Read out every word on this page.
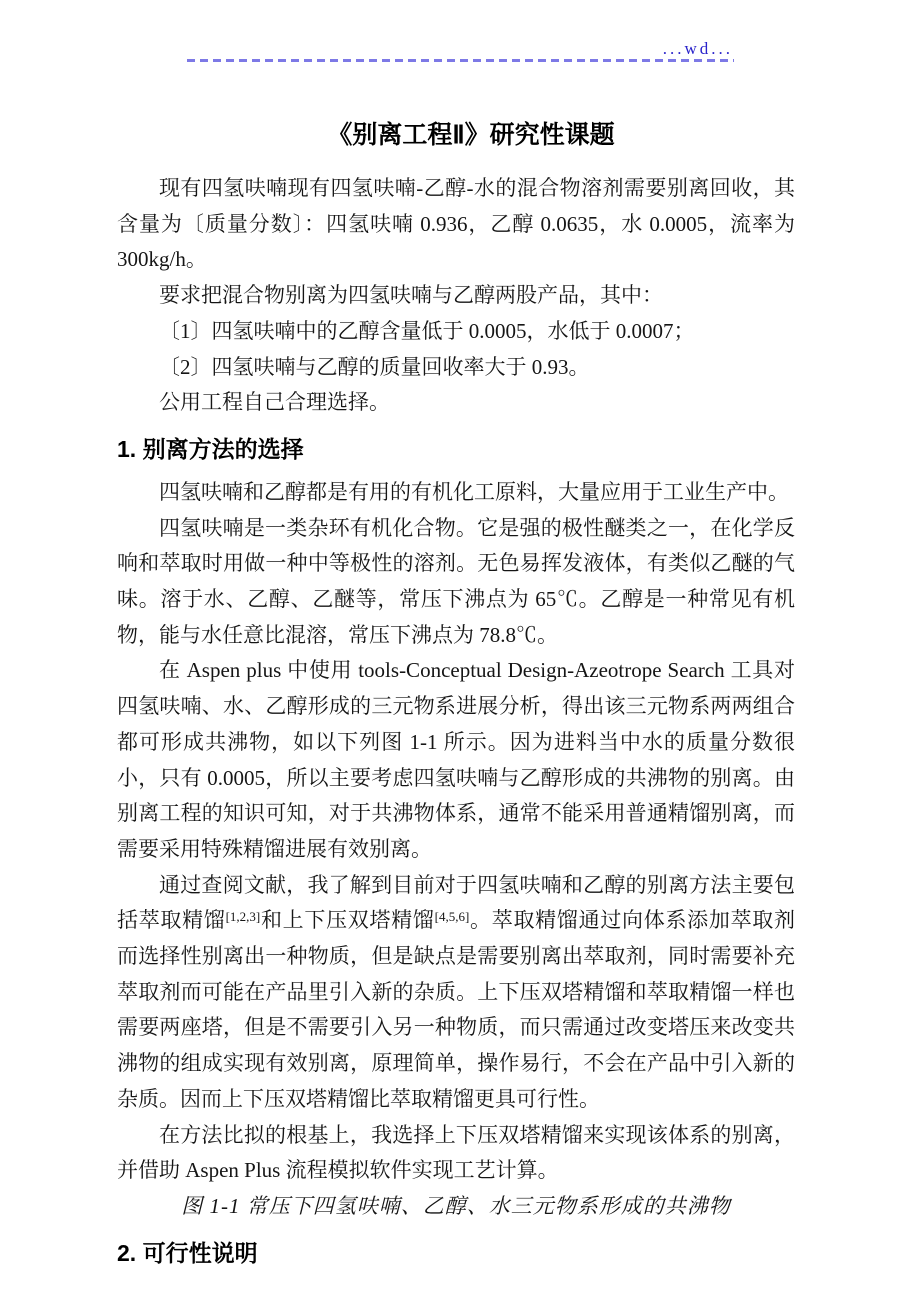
...wd...
《别离工程Ⅱ》研究性课题

现有四氢呋喃现有四氢呋喃-乙醇-水的混合物溶剂需要别离回收，其含量为〔质量分数〕：四氢呋喃 0.936，乙醇 0.0635，水 0.0005，流率为 300kg/h。

要求把混合物别离为四氢呋喃与乙醇两股产品，其中：

〔1〕四氢呋喃中的乙醇含量低于 0.0005，水低于 0.0007；

〔2〕四氢呋喃与乙醇的质量回收率大于 0.93。

公用工程自己合理选择。

1. 别离方法的选择

四氢呋喃和乙醇都是有用的有机化工原料，大量应用于工业生产中。

四氢呋喃是一类杂环有机化合物。它是强的极性醚类之一，在化学反响和萃取时用做一种中等极性的溶剂。无色易挥发液体，有类似乙醚的气味。溶于水、乙醇、乙醚等，常压下沸点为 65℃。乙醇是一种常见有机物，能与水任意比混溶，常压下沸点为 78.8℃。

在 Aspen plus 中使用 tools-Conceptual Design-Azeotrope Search 工具对四氢呋喃、水、乙醇形成的三元物系进展分析，得出该三元物系两两组合都可形成共沸物，如以下列图 1-1 所示。因为进料当中水的质量分数很小，只有 0.0005，所以主要考虑四氢呋喃与乙醇形成的共沸物的别离。由别离工程的知识可知，对于共沸物体系，通常不能采用普通精馏别离，而需要采用特殊精馏进展有效别离。

通过查阅文献，我了解到目前对于四氢呋喃和乙醇的别离方法主要包括萃取精馏[1,2,3]和上下压双塔精馏[4,5,6]。萃取精馏通过向体系添加萃取剂而选择性别离出一种物质，但是缺点是需要别离出萃取剂，同时需要补充萃取剂而可能在产品里引入新的杂质。上下压双塔精馏和萃取精馏一样也需要两座塔，但是不需要引入另一种物质，而只需通过改变塔压来改变共沸物的组成实现有效别离，原理简单，操作易行，不会在产品中引入新的杂质。因而上下压双塔精馏比萃取精馏更具可行性。

在方法比拟的根基上，我选择上下压双塔精馏来实现该体系的别离，并借助 Aspen Plus 流程模拟软件实现工艺计算。

图 1-1 常压下四氢呋喃、乙醇、水三元物系形成的共沸物

2. 可行性说明
